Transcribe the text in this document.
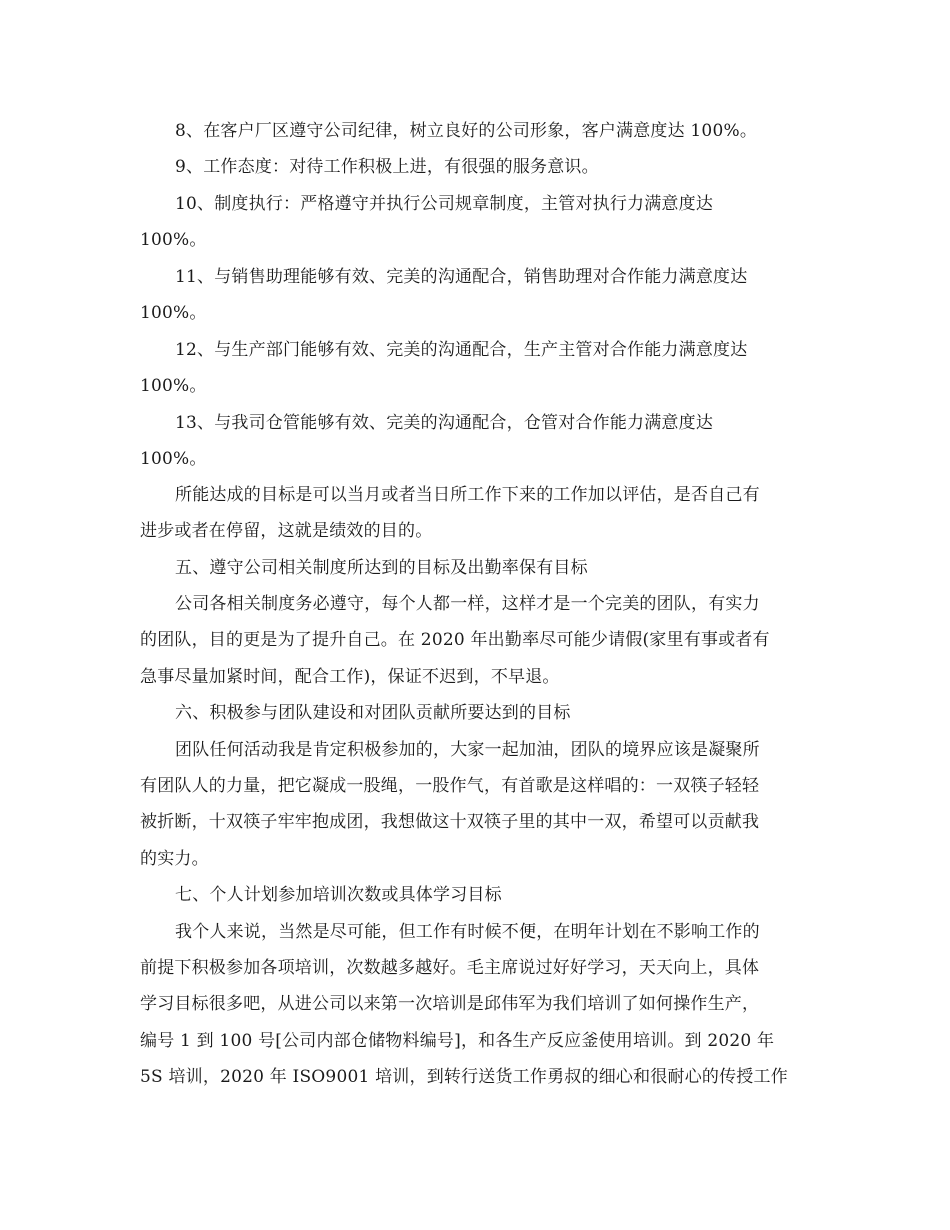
8、在客户厂区遵守公司纪律，树立良好的公司形象，客户满意度达 100%。
9、工作态度：对待工作积极上进，有很强的服务意识。
10、制度执行：严格遵守并执行公司规章制度，主管对执行力满意度达
100%。
11、与销售助理能够有效、完美的沟通配合，销售助理对合作能力满意度达
100%。
12、与生产部门能够有效、完美的沟通配合，生产主管对合作能力满意度达
100%。
13、与我司仓管能够有效、完美的沟通配合，仓管对合作能力满意度达
100%。
所能达成的目标是可以当月或者当日所工作下来的工作加以评估，是否自己有
进步或者在停留，这就是绩效的目的。
五、遵守公司相关制度所达到的目标及出勤率保有目标
公司各相关制度务必遵守，每个人都一样，这样才是一个完美的团队，有实力
的团队，目的更是为了提升自己。在 2020 年出勤率尽可能少请假(家里有事或者有
急事尽量加紧时间，配合工作)，保证不迟到，不早退。
六、积极参与团队建设和对团队贡献所要达到的目标
团队任何活动我是肯定积极参加的，大家一起加油，团队的境界应该是凝聚所
有团队人的力量，把它凝成一股绳，一股作气，有首歌是这样唱的：一双筷子轻轻
被折断，十双筷子牢牢抱成团，我想做这十双筷子里的其中一双，希望可以贡献我
的实力。
七、个人计划参加培训次数或具体学习目标
我个人来说，当然是尽可能，但工作有时候不便，在明年计划在不影响工作的
前提下积极参加各项培训，次数越多越好。毛主席说过好好学习，天天向上，具体
学习目标很多吧，从进公司以来第一次培训是邱伟军为我们培训了如何操作生产，
编号 1 到 100 号[公司内部仓储物料编号]，和各生产反应釜使用培训。到 2020 年
5S 培训，2020 年 ISO9001 培训，到转行送货工作勇叔的细心和很耐心的传授工作
